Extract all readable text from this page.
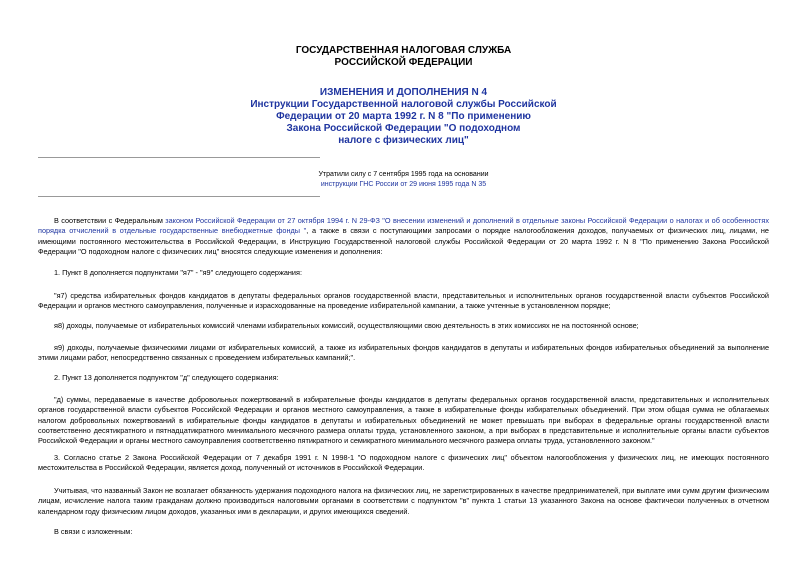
ГОСУДАРСТВЕННАЯ НАЛОГОВАЯ СЛУЖБА
РОССИЙСКОЙ ФЕДЕРАЦИИ
ИЗМЕНЕНИЯ И ДОПОЛНЕНИЯ N 4
Инструкции Государственной налоговой службы Российской
Федерации от 20 марта 1992 г. N 8 "По применению
Закона Российской Федерации "О подоходном
налоге с физических лиц"
Утратили силу с 7 сентября 1995 года на основании
инструкции ГНС России от 29 июня 1995 года N 35

В соответствии с Федеральным законом Российской Федерации от 27 октября 1994 г. N 29-ФЗ "О внесении изменений и дополнений в отдельные законы Российской Федерации о налогах и об особенностях порядка отчислений в отдельные государственные внебюджетные фонды ", а также в связи с поступающими запросами о порядке налогообложения доходов, получаемых от физических лиц, лицами, не имеющими постоянного местожительства в Российской Федерации, в Инструкцию Государственной налоговой службы Российской Федерации от 20 марта 1992 г. N 8 "По применению Закона Российской Федерации "О подоходном налоге с физических лиц" вносятся следующие изменения и дополнения:

1. Пункт 8 дополняется подпунктами "я7" - "я9" следующего содержания:

"я7) средства избирательных фондов кандидатов в депутаты федеральных органов государственной власти, представительных и исполнительных органов государственной власти субъектов Российской Федерации и органов местного самоуправления, полученные и израсходованные на проведение избирательной кампании, а также учтенные в установленном порядке;

я8) доходы, получаемые от избирательных комиссий членами избирательных комиссий, осуществляющими свою деятельность в этих комиссиях не на постоянной основе;

я9) доходы, получаемые физическими лицами от избирательных комиссий, а также из избирательных фондов кандидатов в депутаты и избирательных фондов избирательных объединений за выполнение этими лицами работ, непосредственно связанных с проведением избирательных кампаний;".

2. Пункт 13 дополняется подпунктом "д" следующего содержания:

"д) суммы, передаваемые в качестве добровольных пожертвований в избирательные фонды кандидатов в депутаты федеральных органов государственной власти, представительных и исполнительных органов государственной власти субъектов Российской Федерации и органов местного самоуправления, а также в избирательные фонды избирательных объединений. При этом общая сумма не облагаемых налогом добровольных пожертвований в избирательные фонды кандидатов в депутаты и избирательных объединений не может превышать при выборах в федеральные органы государственной власти соответственно десятикратного и пятнадцатикратного минимального месячного размера оплаты труда, установленного законом, а при выборах в представительные и исполнительные органы власти субъектов Российской Федерации и органы местного самоуправления соответственно пятикратного и семикратного минимального месячного размера оплаты труда, установленного законом."

3. Согласно статье 2 Закона Российской Федерации от 7 декабря 1991 г. N 1998-1 "О подоходном налоге с физических лиц" объектом налогообложения у физических лиц, не имеющих постоянного местожительства в Российской Федерации, является доход, полученный от источников в Российской Федерации.

Учитывая, что названный Закон не возлагает обязанность удержания подоходного налога на физических лиц, не зарегистрированных в качестве предпринимателей, при выплате ими сумм другим физическим лицам, исчисление налога таким гражданам должно производиться налоговыми органами в соответствии с подпунктом "в" пункта 1 статьи 13 указанного Закона на основе фактически полученных в отчетном календарном году физическим лицом доходов, указанных ими в декларации, и других имеющихся сведений.

В связи с изложенным:
